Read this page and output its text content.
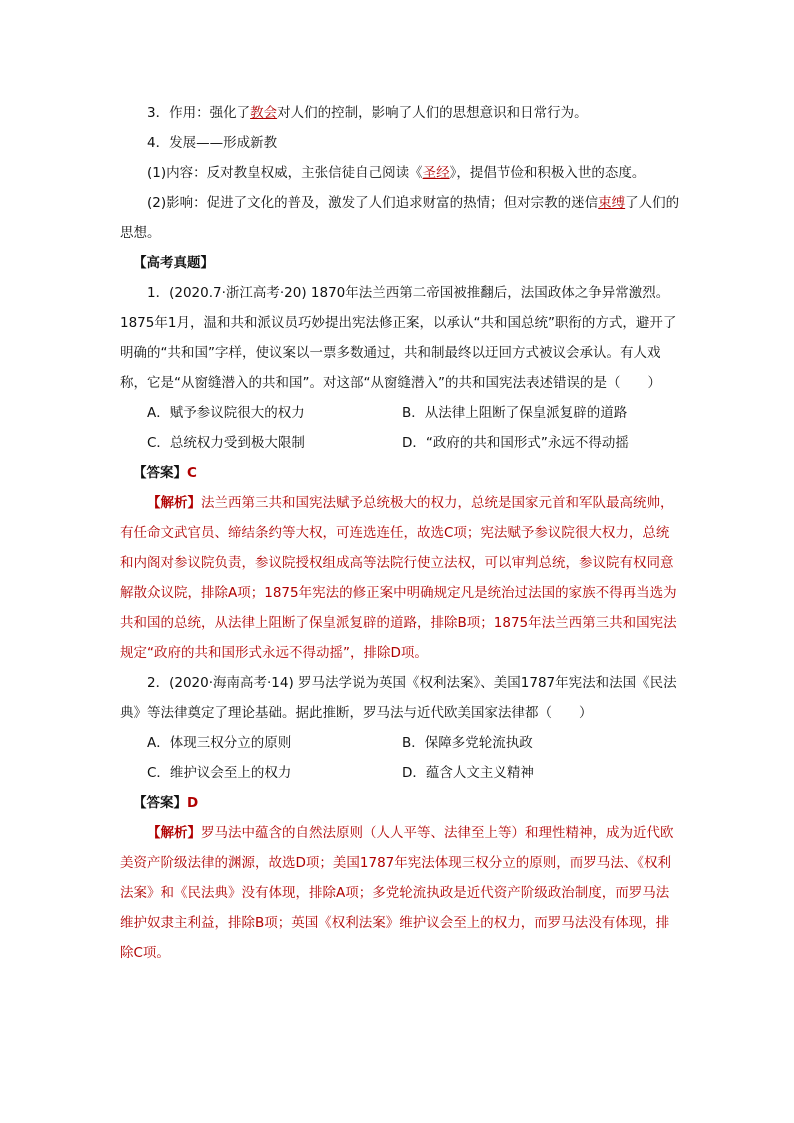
3．作用：强化了教会对人们的控制，影响了人们的思想意识和日常行为。

4．发展——形成新教

(1)内容：反对教皇权威，主张信徒自己阅读《圣经》，提倡节俭和积极入世的态度。

(2)影响：促进了文化的普及，激发了人们追求财富的热情；但对宗教的迷信束缚了人们的思想。

【高考真题】

1．(2020.7·浙江高考·20) 1870年法兰西第二帝国被推翻后，法国政体之争异常激烈。1875年1月，温和共和派议员巧妙提出宪法修正案，以承认“共和国总统”职衔的方式，避开了明确的“共和国”字样，使议案以一票多数通过，共和制最终以迂回方式被议会承认。有人戏称，它是“从窗缝潜入的共和国”。对这部“从窗缝潜入”的共和国宪法表述错误的是（　　）

A．赋予参议院很大的权力	B．从法律上阻断了保皇派复辟的道路
C．总统权力受到极大限制	D．“政府的共和国形式”永远不得动摇

【答案】C

【解析】法兰西第三共和国宪法赋予总统极大的权力，总统是国家元首和军队最高统帅，有任命文武官员、缔结条约等大权，可连选连任，故选C项；宪法赋予参议院很大权力，总统和内阁对参议院负责，参议院授权组成高等法院行使立法权，可以审判总统，参议院有权同意解散众议院，排除A项；1875年宪法的修正案中明确规定凡是统治过法国的家族不得再当选为共和国的总统，从法律上阻断了保皇派复辟的道路，排除B项；1875年法兰西第三共和国宪法规定“政府的共和国形式永远不得动摇”，排除D项。

2．(2020·海南高考·14) 罗马法学说为英国《权利法案》、美国1787年宪法和法国《民法典》等法律奠定了理论基础。据此推断，罗马法与近代欧美国家法律都（　　）

A．体现三权分立的原则	B．保障多党轮流执政
C．维护议会至上的权力	D．蕴含人文主义精神

【答案】D

【解析】罗马法中蕴含的自然法原则（人人平等、法律至上等）和理性精神，成为近代欧美资产阶级法律的渊源，故选D项；美国1787年宪法体现三权分立的原则，而罗马法、《权利法案》和《民法典》没有体现，排除A项；多党轮流执政是近代资产阶级政治制度，而罗马法维护奴隶主利益，排除B项；英国《权利法案》维护议会至上的权力，而罗马法没有体现，排除C项。
